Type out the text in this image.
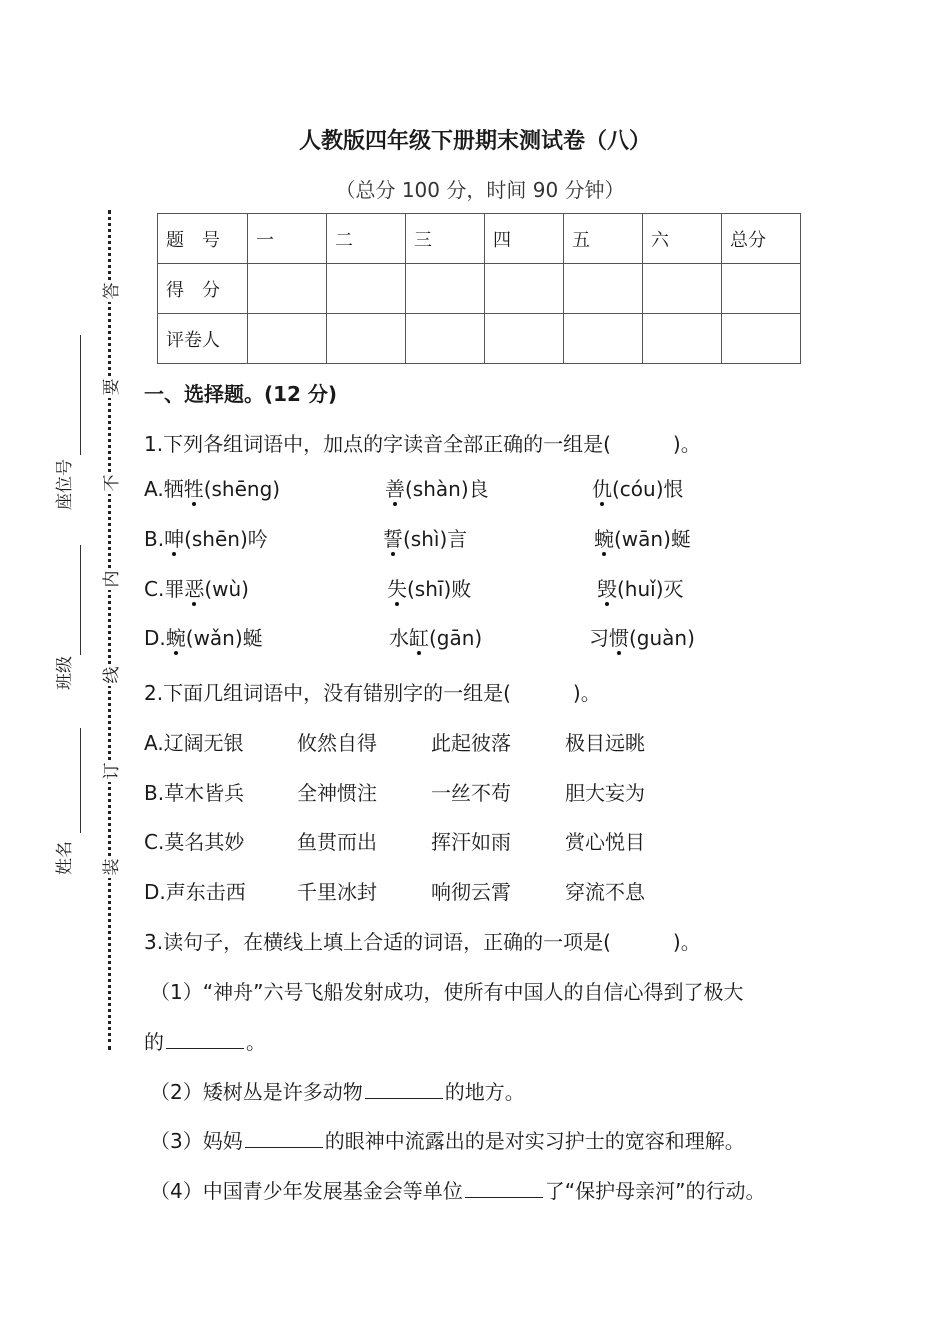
答
要
不
内
线
订
装
座位号
班级
姓名
人教版四年级下册期末测试卷（八）
（总分 100 分，时间 90 分钟）
题　号	一	二	三	四	五	六	总分
得　分							
评卷人							
一、选择题。(12 分)
1.下列各组词语中，加点的字读音全部正确的一组是(	)。
A.牺牲(shēng)	善(shàn)良	仇(cóu)恨
B.呻(shēn)吟	誓(shì)言	蜿(wān)蜒
C.罪恶(wù)	失(shī)败	毁(huǐ)灭
D.蜿(wǎn)蜒	水缸(gān)	习惯(guàn)
2.下面几组词语中，没有错别字的一组是(	)。
A.辽阔无银	攸然自得	此起彼落	极目远眺
B.草木皆兵	全神惯注	一丝不苟	胆大妄为
C.莫名其妙	鱼贯而出	挥汗如雨	赏心悦目
D.声东击西	千里冰封	响彻云霄	穿流不息
3.读句子，在横线上填上合适的词语，正确的一项是(	)。
（1）“神舟”六号飞船发射成功，使所有中国人的自信心得到了极大
的	。
（2）矮树丛是许多动物	的地方。
（3）妈妈	的眼神中流露出的是对实习护士的宽容和理解。
（4）中国青少年发展基金会等单位	了“保护母亲河”的行动。
